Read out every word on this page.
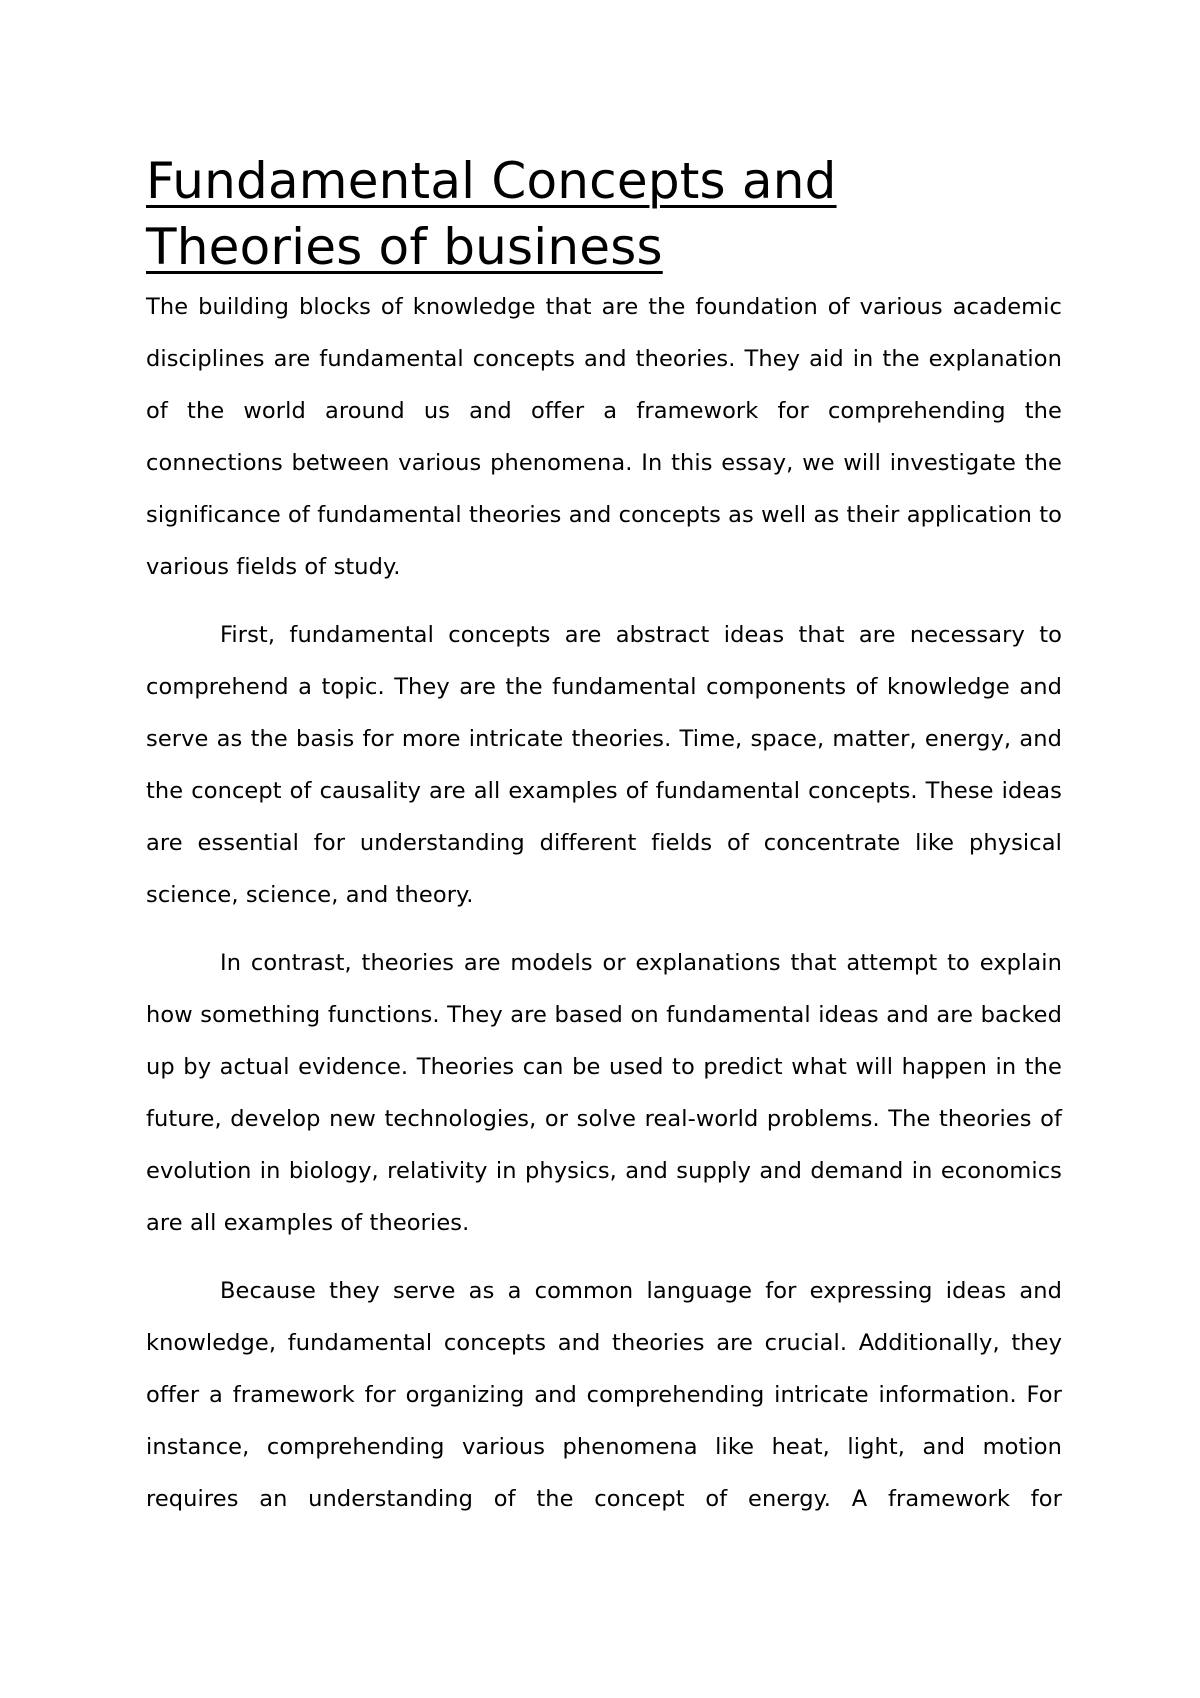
Fundamental Concepts and Theories of business

The building blocks of knowledge that are the foundation of various academic disciplines are fundamental concepts and theories. They aid in the explanation of the world around us and offer a framework for comprehending the connections between various phenomena. In this essay, we will investigate the significance of fundamental theories and concepts as well as their application to various fields of study.

First, fundamental concepts are abstract ideas that are necessary to comprehend a topic. They are the fundamental components of knowledge and serve as the basis for more intricate theories. Time, space, matter, energy, and the concept of causality are all examples of fundamental concepts. These ideas are essential for understanding different fields of concentrate like physical science, science, and theory.

In contrast, theories are models or explanations that attempt to explain how something functions. They are based on fundamental ideas and are backed up by actual evidence. Theories can be used to predict what will happen in the future, develop new technologies, or solve real-world problems. The theories of evolution in biology, relativity in physics, and supply and demand in economics are all examples of theories.

Because they serve as a common language for expressing ideas and knowledge, fundamental concepts and theories are crucial. Additionally, they offer a framework for organizing and comprehending intricate information. For instance, comprehending various phenomena like heat, light, and motion requires an understanding of the concept of energy. A framework for
